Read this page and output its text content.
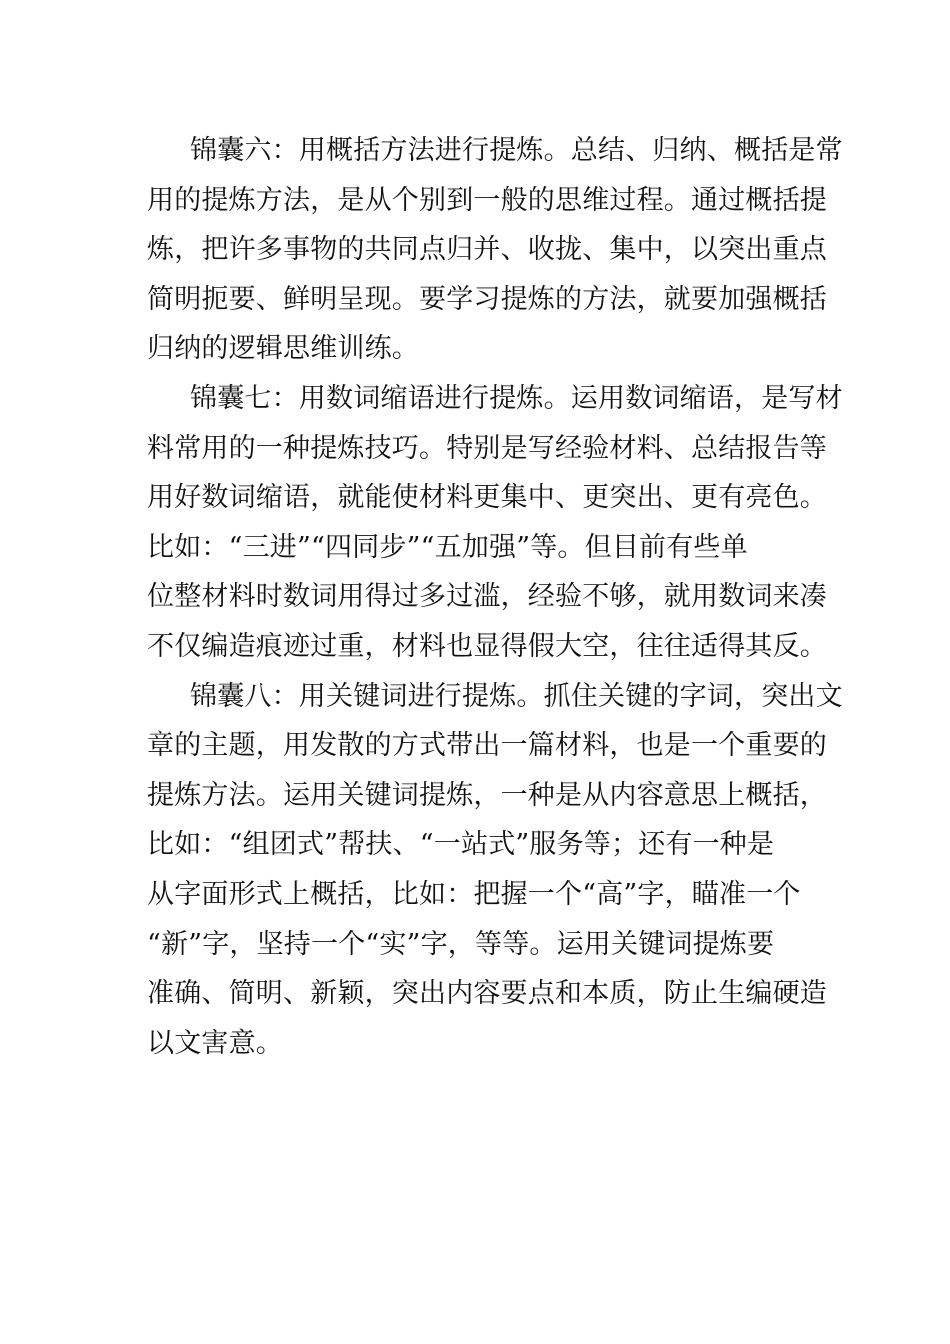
锦囊六：用概括方法进行提炼。总结、归纳、概括是常
用的提炼方法，是从个别到一般的思维过程。通过概括提
炼，把许多事物的共同点归并、收拢、集中，以突出重点
简明扼要、鲜明呈现。要学习提炼的方法，就要加强概括
归纳的逻辑思维训练。
锦囊七：用数词缩语进行提炼。运用数词缩语，是写材
料常用的一种提炼技巧。特别是写经验材料、总结报告等
用好数词缩语，就能使材料更集中、更突出、更有亮色。
比如：“三进”“四同步”“五加强”等。但目前有些单
位整材料时数词用得过多过滥，经验不够，就用数词来凑
不仅编造痕迹过重，材料也显得假大空，往往适得其反。
锦囊八：用关键词进行提炼。抓住关键的字词，突出文
章的主题，用发散的方式带出一篇材料，也是一个重要的
提炼方法。运用关键词提炼，一种是从内容意思上概括，
比如：“组团式”帮扶、“一站式”服务等；还有一种是
从字面形式上概括，比如：把握一个“高”字，瞄准一个
“新”字，坚持一个“实”字，等等。运用关键词提炼要
准确、简明、新颖，突出内容要点和本质，防止生编硬造
以文害意。
